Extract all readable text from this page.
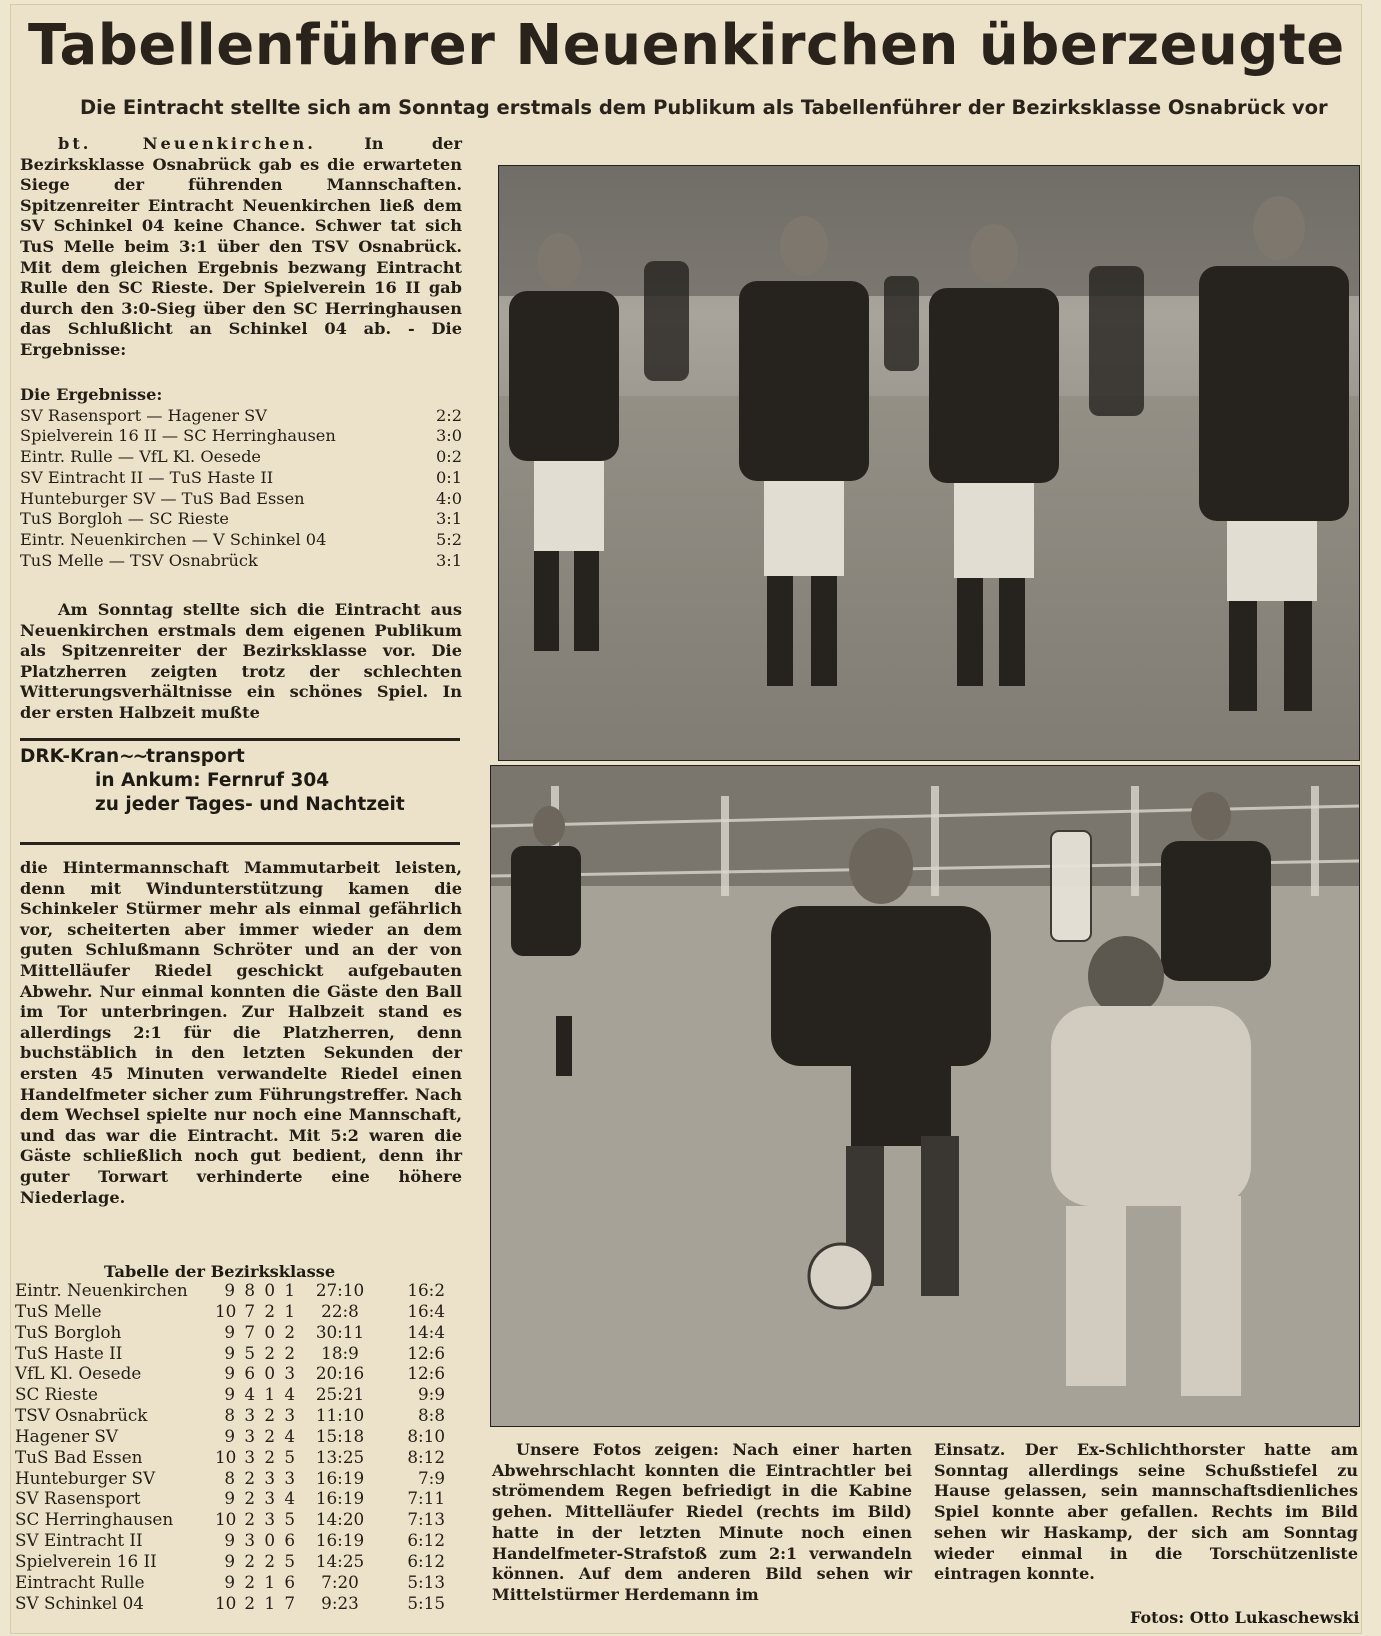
Tabellenführer Neuenkirchen überzeugte
Die Eintracht stellte sich am Sonntag erstmals dem Publikum als Tabellenführer der Bezirksklasse Osnabrück vor

bt. Neuenkirchen. In der Bezirksklasse Osnabrück gab es die erwarteten Siege der führenden Mannschaften. Spitzenreiter Eintracht Neuenkirchen ließ dem SV Schinkel 04 keine Chance. Schwer tat sich TuS Melle beim 3:1 über den TSV Osnabrück. Mit dem gleichen Ergebnis bezwang Eintracht Rulle den SC Rieste. Der Spielverein 16 II gab durch den 3:0-Sieg über den SC Herringhausen das Schlußlicht an Schinkel 04 ab. - Die Ergebnisse:

Die Ergebnisse:
SV Rasensport — Hagener SV	2:2
Spielverein 16 II — SC Herringhausen	3:0
Eintr. Rulle — VfL Kl. Oesede	0:2
SV Eintracht II — TuS Haste II	0:1
Hunteburger SV — TuS Bad Essen	4:0
TuS Borgloh — SC Rieste	3:1
Eintr. Neuenkirchen — V Schinkel 04	5:2
TuS Melle — TSV Osnabrück	3:1
Am Sonntag stellte sich die Eintracht aus Neuenkirchen erstmals dem eigenen Publikum als Spitzenreiter der Bezirksklasse vor. Die Platzherren zeigten trotz der schlechten Witterungsverhältnisse ein schönes Spiel. In der ersten Halbzeit mußte
DRK-Kran~~transport
in Ankum: Fernruf 304
zu jeder Tages- und Nachtzeit
die Hintermannschaft Mammutarbeit leisten, denn mit Windunterstützung kamen die Schinkeler Stürmer mehr als einmal gefährlich vor, scheiterten aber immer wieder an dem guten Schlußmann Schröter und an der von Mittelläufer Riedel geschickt aufgebauten Abwehr. Nur einmal konnten die Gäste den Ball im Tor unterbringen. Zur Halbzeit stand es allerdings 2:1 für die Platzherren, denn buchstäblich in den letzten Sekunden der ersten 45 Minuten verwandelte Riedel einen Handelfmeter sicher zum Führungstreffer. Nach dem Wechsel spielte nur noch eine Mannschaft, und das war die Eintracht. Mit 5:2 waren die Gäste schließlich noch gut bedient, denn ihr guter Torwart verhinderte eine höhere Niederlage.
Tabelle der Bezirksklasse
Eintr. Neuenkirchen	9 8 0 1	27:10	16:2
TuS Melle	10 7 2 1	22:8	16:4
TuS Borgloh	9 7 0 2	30:11	14:4
TuS Haste II	9 5 2 2	18:9	12:6
VfL Kl. Oesede	9 6 0 3	20:16	12:6
SC Rieste	9 4 1 4	25:21	9:9
TSV Osnabrück	8 3 2 3	11:10	8:8
Hagener SV	9 3 2 4	15:18	8:10
TuS Bad Essen	10 3 2 5	13:25	8:12
Hunteburger SV	8 2 3 3	16:19	7:9
SV Rasensport	9 2 3 4	16:19	7:11
SC Herringhausen	10 2 3 5	14:20	7:13
SV Eintracht II	9 3 0 6	16:19	6:12
Spielverein 16 II	9 2 2 5	14:25	6:12
Eintracht Rulle	9 2 1 6	7:20	5:13
SV Schinkel 04	10 2 1 7	9:23	5:15
Unsere Fotos zeigen: Nach einer harten Abwehrschlacht konnten die Eintrachtler bei strömendem Regen befriedigt in die Kabine gehen. Mittelläufer Riedel (rechts im Bild) hatte in der letzten Minute noch einen Handelfmeter-Strafstoß zum 2:1 verwandeln können. Auf dem anderen Bild sehen wir Mittelstürmer Herdemann im
Einsatz. Der Ex-Schlichthorster hatte am Sonntag allerdings seine Schußstiefel zu Hause gelassen, sein mannschaftsdienliches Spiel konnte aber gefallen. Rechts im Bild sehen wir Haskamp, der sich am Sonntag wieder einmal in die Torschützenliste eintragen konnte.
Fotos: Otto Lukaschewski
